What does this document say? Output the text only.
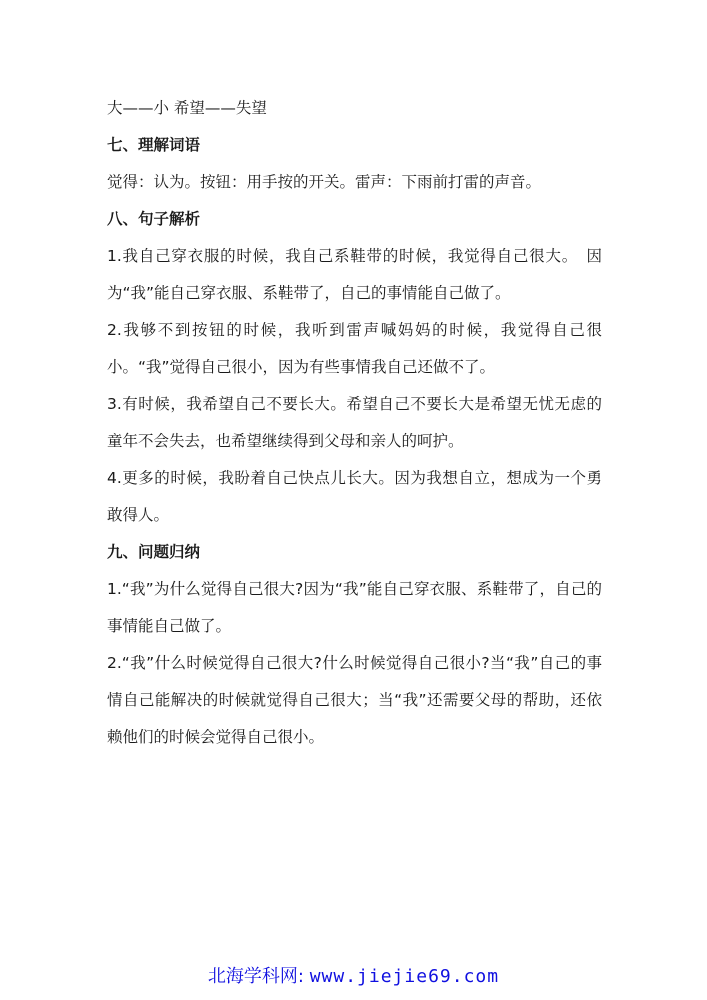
大——小 希望——失望
七、理解词语
觉得：认为。按钮：用手按的开关。雷声：下雨前打雷的声音。
八、句子解析
1.我自己穿衣服的时候，我自己系鞋带的时候，我觉得自己很大。　因为“我”能自己穿衣服、系鞋带了，自己的事情能自己做了。
2.我够不到按钮的时候，我听到雷声喊妈妈的时候，我觉得自己很小。“我”觉得自己很小，因为有些事情我自己还做不了。
3.有时候，我希望自己不要长大。希望自己不要长大是希望无忧无虑的童年不会失去，也希望继续得到父母和亲人的呵护。
4.更多的时候，我盼着自己快点儿长大。因为我想自立，想成为一个勇敢得人。
九、问题归纳
1.“我”为什么觉得自己很大?因为“我”能自己穿衣服、系鞋带了，自己的事情能自己做了。
2.“我”什么时候觉得自己很大?什么时候觉得自己很小?当“我”自己的事情自己能解决的时候就觉得自己很大；当“我”还需要父母的帮助，还依赖他们的时候会觉得自己很小。
北海学科网: www.jiejie69.com
